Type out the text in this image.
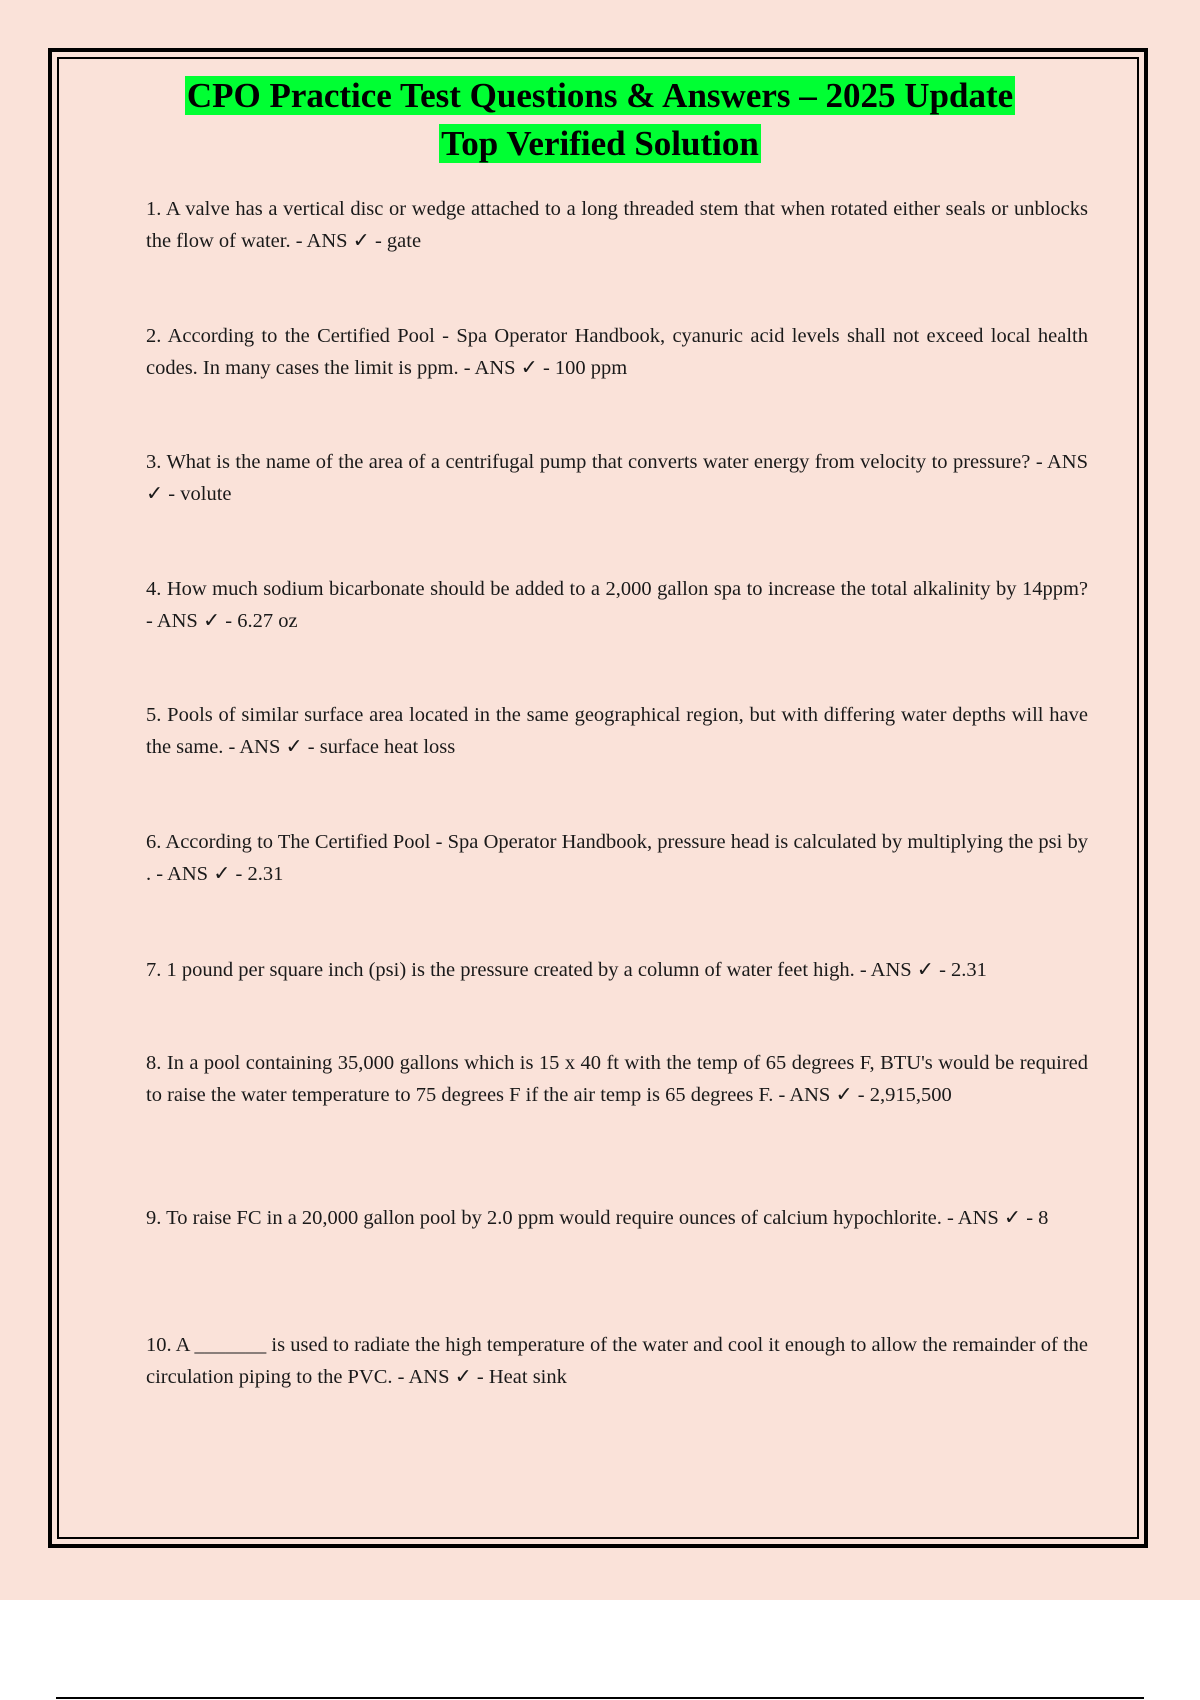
CPO Practice Test Questions & Answers – 2025 Update
Top Verified Solution

1. A valve has a vertical disc or wedge attached to a long threaded stem that when rotated either seals or unblocks the flow of water. - ANS ✓ - gate

2. According to the Certified Pool - Spa Operator Handbook, cyanuric acid levels shall not exceed local health codes. In many cases the limit is ppm. - ANS ✓ - 100 ppm

3. What is the name of the area of a centrifugal pump that converts water energy from velocity to pressure? - ANS ✓ - volute

4. How much sodium bicarbonate should be added to a 2,000 gallon spa to increase the total alkalinity by 14ppm? - ANS ✓ - 6.27 oz

5. Pools of similar surface area located in the same geographical region, but with differing water depths will have the same. - ANS ✓ - surface heat loss

6. According to The Certified Pool - Spa Operator Handbook, pressure head is calculated by multiplying the psi by . - ANS ✓ - 2.31

7. 1 pound per square inch (psi) is the pressure created by a column of water feet high. - ANS ✓ - 2.31

8. In a pool containing 35,000 gallons which is 15 x 40 ft with the temp of 65 degrees F, BTU's would be required to raise the water temperature to 75 degrees F if the air temp is 65 degrees F. - ANS ✓ - 2,915,500

9. To raise FC in a 20,000 gallon pool by 2.0 ppm would require ounces of calcium hypochlorite. - ANS ✓ - 8

10. A _______ is used to radiate the high temperature of the water and cool it enough to allow the remainder of the circulation piping to the PVC. - ANS ✓ - Heat sink
